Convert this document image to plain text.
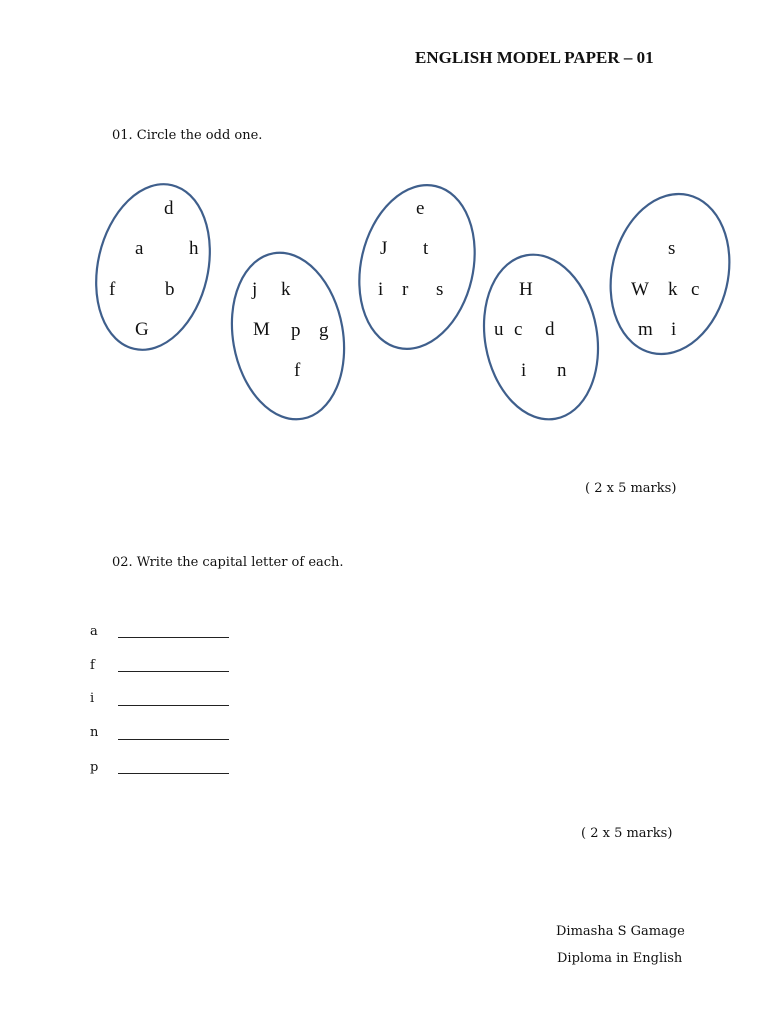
ENGLISH MODEL PAPER – 01
01. Circle the odd one.
d
a h
f	b
G
j k
M p g
f
e
J t
i r s	H
u c d
i n
s
W k c
m i
( 2 x 5 marks)
02. Write the capital letter of each.
a
f
i
n
p
( 2 x 5 marks)
Dimasha S Gamage
Diploma in English
